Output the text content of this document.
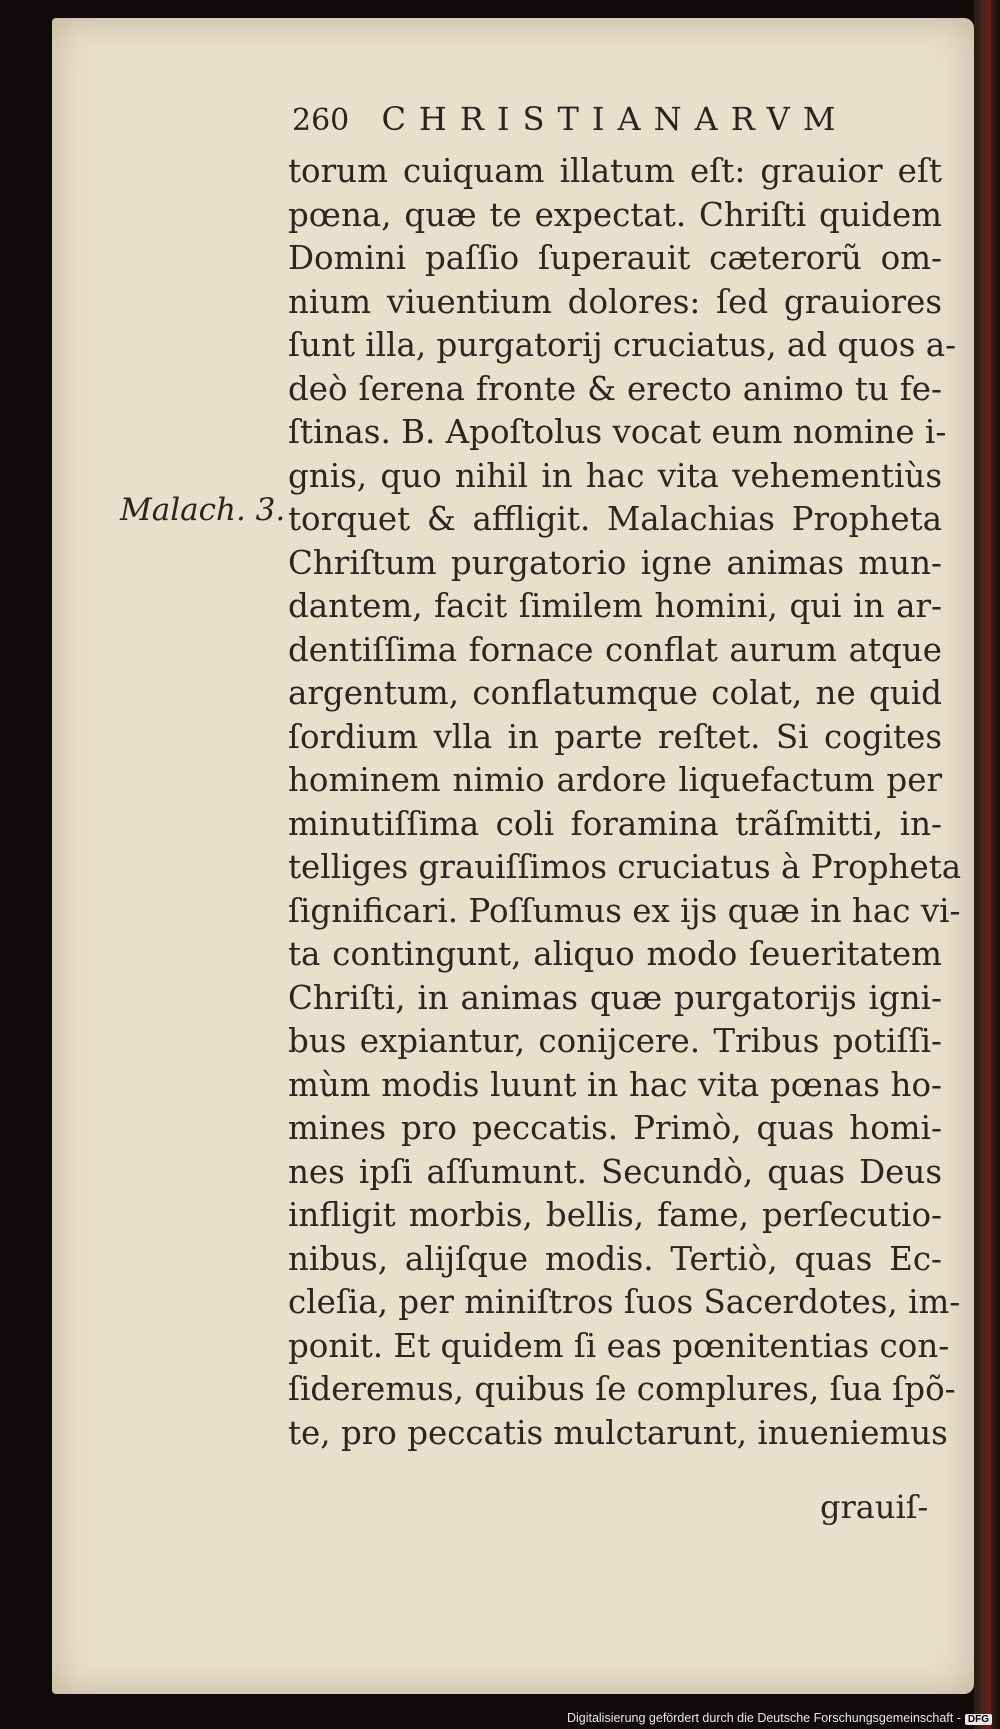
260 CHRISTIANARVM
Malach. 3.
torum cuiquam illatum eſt: grauior eſt
pœna, quæ te expectat. Chriſti quidem
Domini paſſio ſuperauit cæterorũ om-
nium viuentium dolores: ſed grauiores
ſunt illa, purgatorij cruciatus, ad quos a-
deò ſerena fronte & erecto animo tu fe-
ſtinas. B. Apoſtolus vocat eum nomine i-
gnis, quo nihil in hac vita vehementiùs
torquet & affligit. Malachias Propheta
Chriſtum purgatorio igne animas mun-
dantem, facit ſimilem homini, qui in ar-
dentiſſima fornace conflat aurum atque
argentum, conflatumque colat, ne quid
ſordium vlla in parte reſtet. Si cogites
hominem nimio ardore liquefactum per
minutiſſima coli foramina trãſmitti, in-
telliges grauiſſimos cruciatus à Propheta
ſignificari. Poſſumus ex ijs quæ in hac vi-
ta contingunt, aliquo modo ſeueritatem
Chriſti, in animas quæ purgatorijs igni-
bus expiantur, conijcere. Tribus potiſſi-
mùm modis luunt in hac vita pœnas ho-
mines pro peccatis. Primò, quas homi-
nes ipſi aſſumunt. Secundò, quas Deus
infligit morbis, bellis, fame, perſecutio-
nibus, alijſque modis. Tertiò, quas Ec-
cleſia, per miniſtros ſuos Sacerdotes, im-
ponit. Et quidem ſi eas pœnitentias con-
ſideremus, quibus ſe complures, ſua ſpõ-
te, pro peccatis mulctarunt, inueniemus
grauiſ-
Digitalisierung gefördert durch die Deutsche Forschungsgemeinschaft - DFG
